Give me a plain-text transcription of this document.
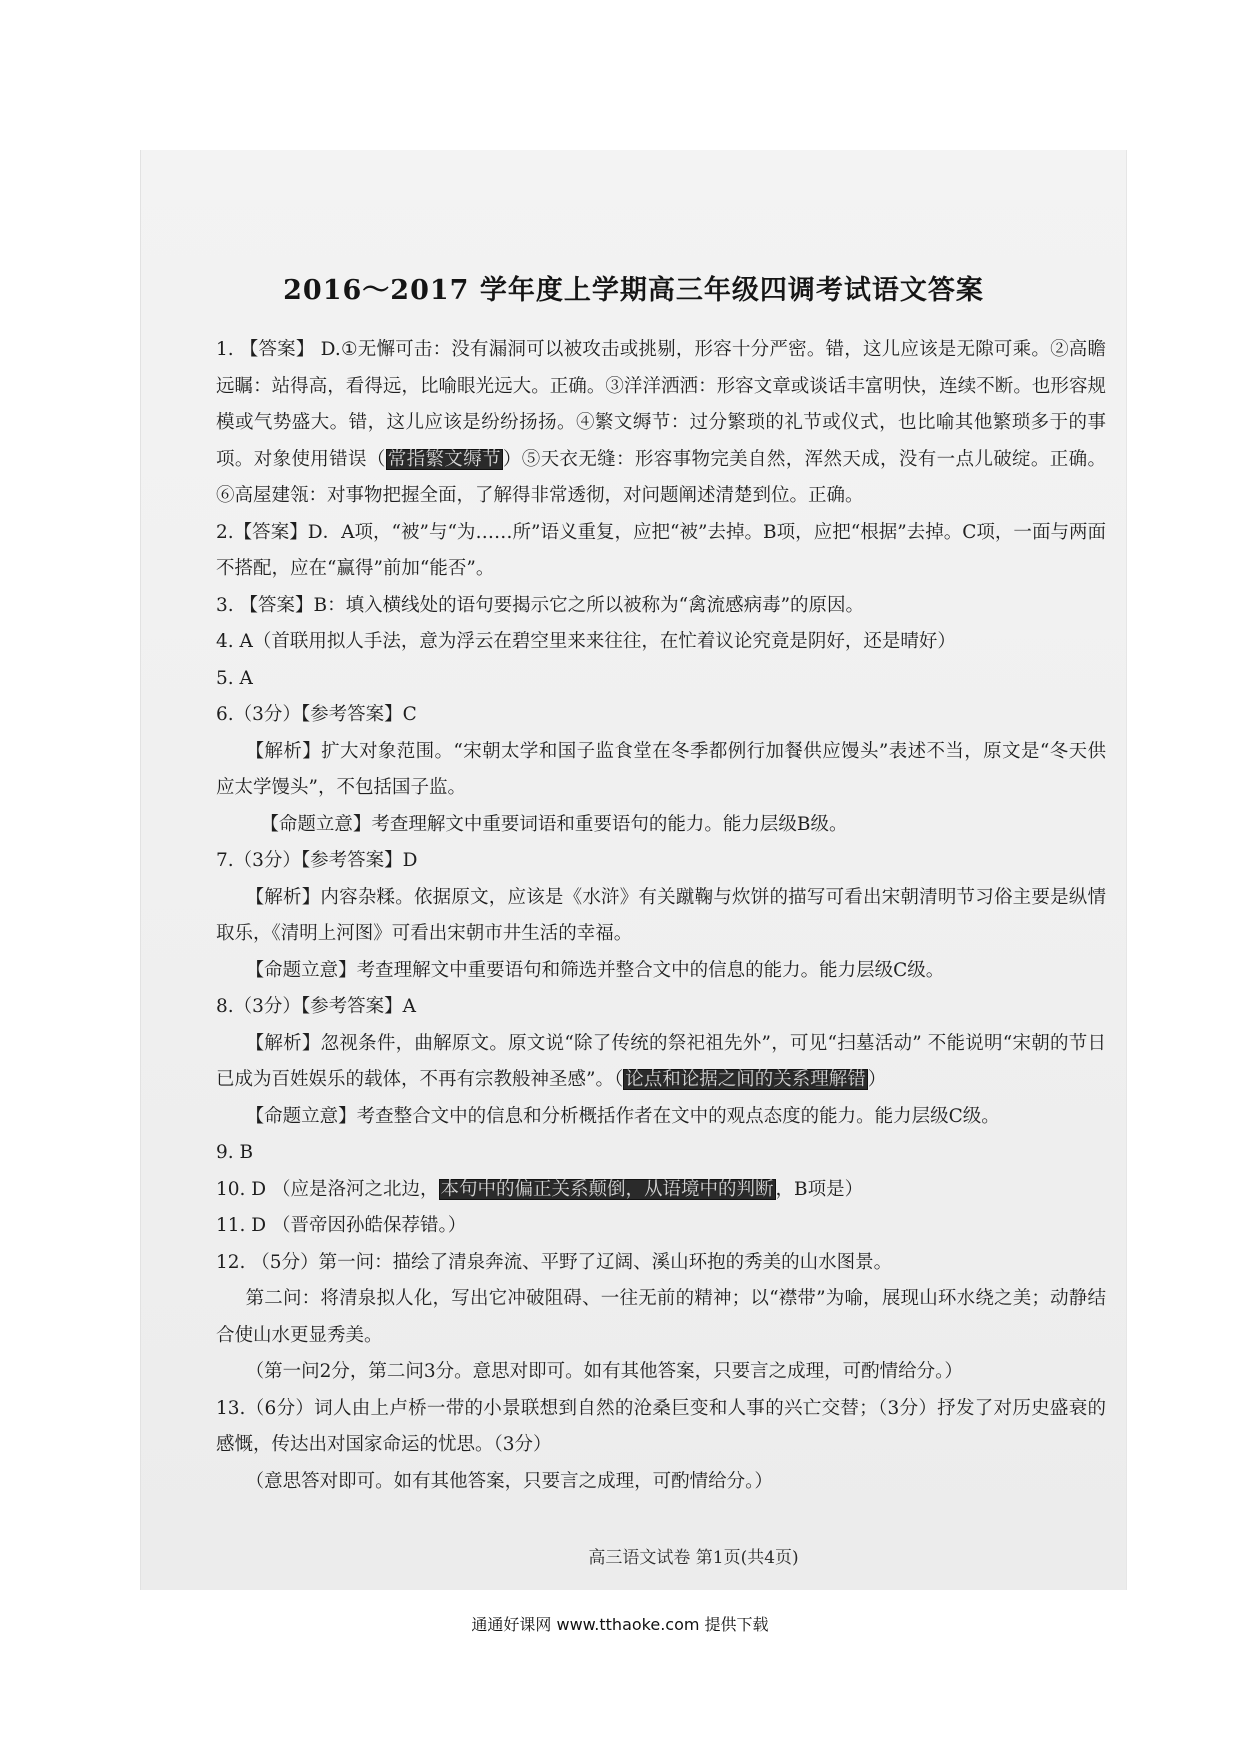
2016～2017 学年度上学期高三年级四调考试语文答案

1. 【答案】 D.①无懈可击：没有漏洞可以被攻击或挑剔，形容十分严密。错，这儿应该是无隙可乘。②高瞻远瞩：站得高，看得远，比喻眼光远大。正确。③洋洋洒洒：形容文章或谈话丰富明快，连续不断。也形容规模或气势盛大。错，这儿应该是纷纷扬扬。④繁文缛节：过分繁琐的礼节或仪式，也比喻其他繁琐多于的事项。对象使用错误（ 常指繁文缛节 ）⑤天衣无缝：形容事物完美自然，浑然天成，没有一点儿破绽。正确。⑥高屋建瓴：对事物把握全面，了解得非常透彻，对问题阐述清楚到位。正确。

2.【答案】D．A项，“被”与“为……所”语义重复，应把“被”去掉。B项，应把“根据”去掉。C项，一面与两面不搭配，应在“赢得”前加“能否”。

3. 【答案】B：填入横线处的语句要揭示它之所以被称为“禽流感病毒”的原因。

4. A（首联用拟人手法，意为浮云在碧空里来来往往，在忙着议论究竟是阴好，还是晴好）

5. A

6.（3分）【参考答案】C

【解析】扩大对象范围。“宋朝太学和国子监食堂在冬季都例行加餐供应馒头”表述不当，原文是“冬天供应太学馒头”，不包括国子监。

【命题立意】考查理解文中重要词语和重要语句的能力。能力层级B级。

7.（3分）【参考答案】D

【解析】内容杂糅。依据原文，应该是《水浒》有关蹴鞠与炊饼的描写可看出宋朝清明节习俗主要是纵情取乐，《清明上河图》可看出宋朝市井生活的幸福。

【命题立意】考查理解文中重要语句和筛选并整合文中的信息的能力。能力层级C级。

8.（3分）【参考答案】A

【解析】忽视条件，曲解原文。原文说“除了传统的祭祀祖先外”，可见“扫墓活动” 不能说明“宋朝的节日已成为百姓娱乐的载体，不再有宗教般神圣感”。（ 论点和论据之间的关系理解错 ）

【命题立意】考查整合文中的信息和分析概括作者在文中的观点态度的能力。能力层级C级。

9. B

10. D （应是洛河之北边， 本句中的偏正关系颠倒，从语境中的判断 ，B项是）

11. D （晋帝因孙皓保荐错。）

12. （5分）第一问：描绘了清泉奔流、平野了辽阔、溪山环抱的秀美的山水图景。

第二问：将清泉拟人化，写出它冲破阻碍、一往无前的精神；以“襟带”为喻，展现山环水绕之美；动静结合使山水更显秀美。

（第一问2分，第二问3分。意思对即可。如有其他答案，只要言之成理，可酌情给分。）

13.（6分）词人由上卢桥一带的小景联想到自然的沧桑巨变和人事的兴亡交替；（3分）抒发了对历史盛衰的感慨，传达出对国家命运的忧思。（3分）

（意思答对即可。如有其他答案，只要言之成理，可酌情给分。）

高三语文试卷 第1页(共4页)
通通好课网 www.tthaoke.com 提供下载
